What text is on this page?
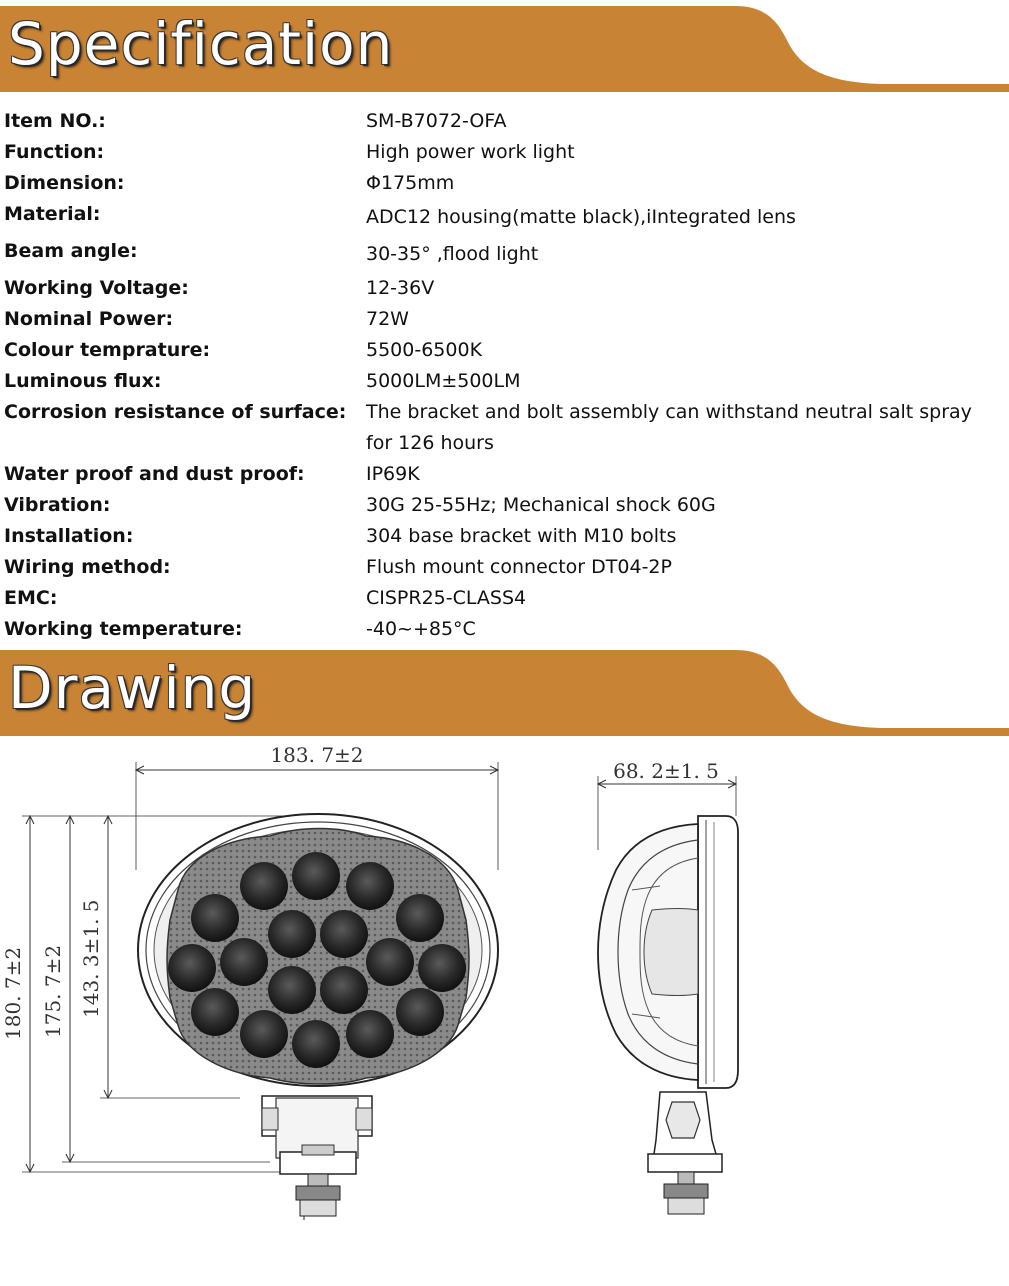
Specification
Item NO.:	SM-B7072-OFA
Function:	High power work light
Dimension:	Φ175mm
Material:	ADC12 housing(matte black),iIntegrated lens
Beam angle:	30-35° ,flood light
Working Voltage:	12-36V
Nominal Power:	72W
Colour temprature:	5500-6500K
Luminous flux:	5000LM±500LM
Corrosion resistance of surface:	The bracket and bolt assembly can withstand neutral salt spray for 126 hours
Water proof and dust proof:	IP69K
Vibration:	30G 25-55Hz; Mechanical shock 60G
Installation:	304 base bracket with M10 bolts
Wiring method:	Flush mount connector DT04-2P
EMC:	CISPR25-CLASS4
Working temperature:	-40~+85°C
Drawing
183. 7±2
180. 7±2 175. 7±2 143. 3±1. 5
68. 2±1. 5
